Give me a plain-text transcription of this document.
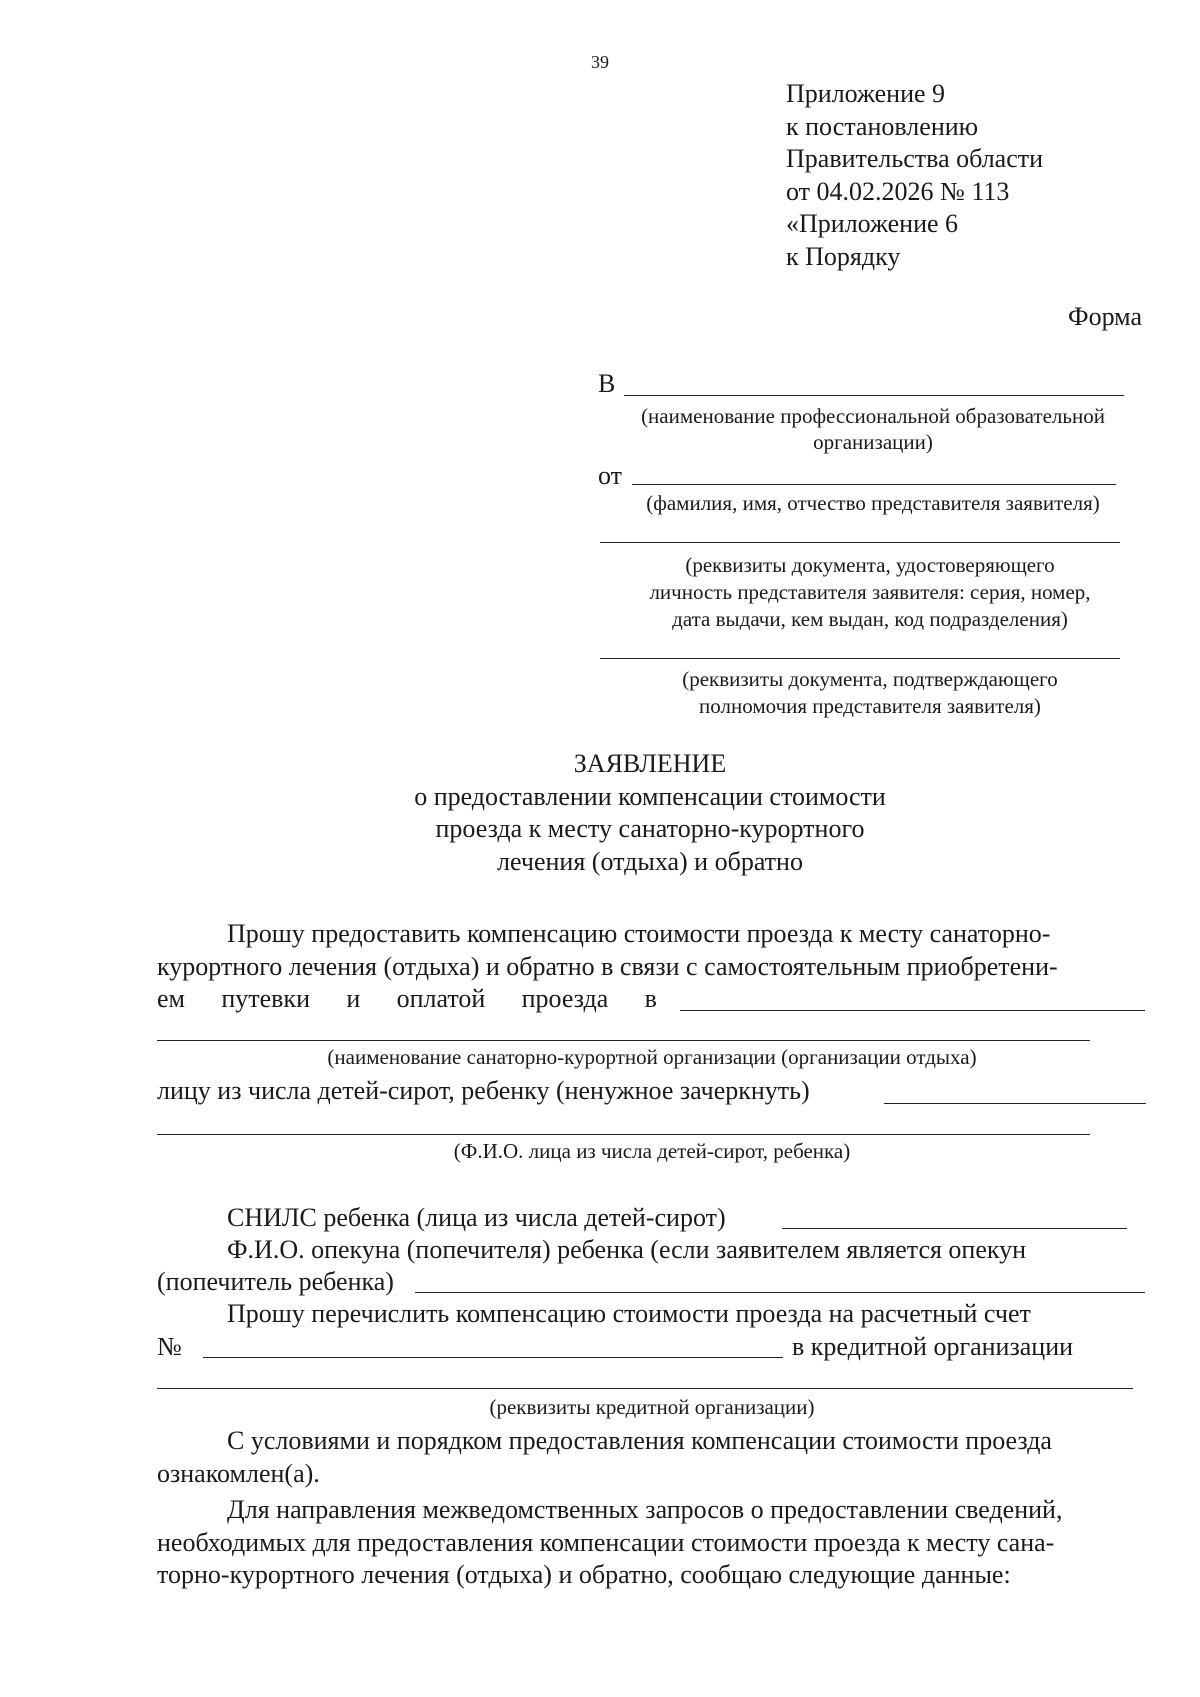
39
Приложение 9
к постановлению
Правительства области
от 04.02.2026 № 113
«Приложение 6
к Порядку
Форма
В
(наименование профессиональной образовательной
организации)
от
(фамилия, имя, отчество представителя заявителя)
(реквизиты документа, удостоверяющего
личность представителя заявителя: серия, номер,
дата выдачи, кем выдан, код подразделения)
(реквизиты документа, подтверждающего
полномочия представителя заявителя)
ЗАЯВЛЕНИЕ
о предоставлении компенсации стоимости
проезда к месту санаторно-курортного
лечения (отдыха) и обратно
Прошу предоставить компенсацию стоимости проезда к месту санаторно-
курортного лечения (отдыха) и обратно в связи с самостоятельным приобретени-
ем путевки и оплатой проезда в
(наименование санаторно-курортной организации (организации отдыха)
лицу из числа детей-сирот, ребенку (ненужное зачеркнуть)
(Ф.И.О. лица из числа детей-сирот, ребенка)
СНИЛС ребенка (лица из числа детей-сирот)
Ф.И.О. опекуна (попечителя) ребенка (если заявителем является опекун
(попечитель ребенка)
Прошу перечислить компенсацию стоимости проезда на расчетный счет
№	в кредитной организации
(реквизиты кредитной организации)
С условиями и порядком предоставления компенсации стоимости проезда
ознакомлен(а).
Для направления межведомственных запросов о предоставлении сведений,
необходимых для предоставления компенсации стоимости проезда к месту сана-
торно-курортного лечения (отдыха) и обратно, сообщаю следующие данные:
